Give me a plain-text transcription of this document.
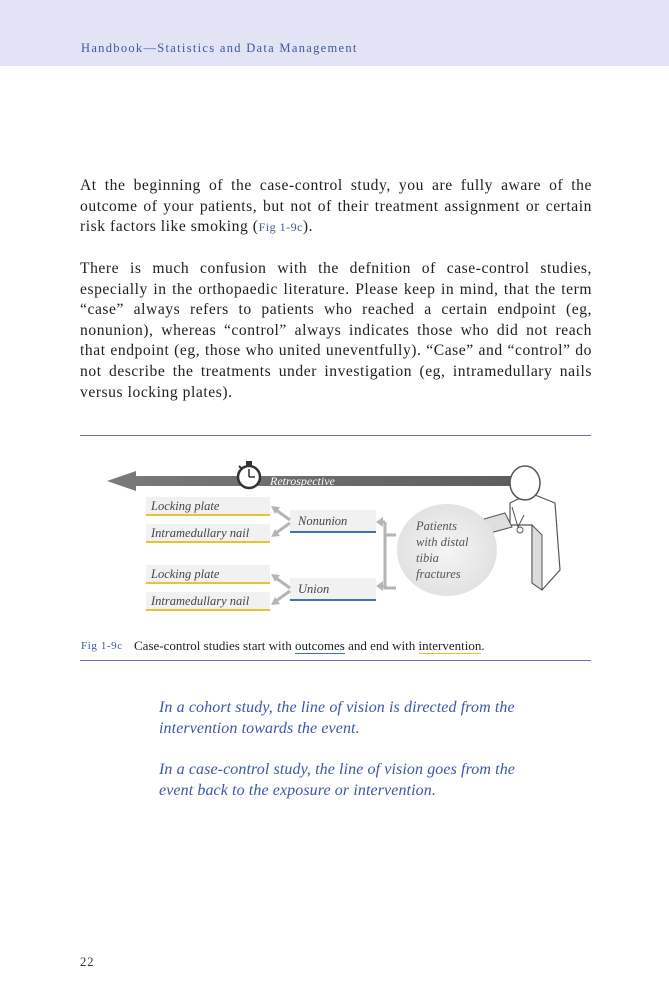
Handbook—Statistics and Data Management
At the beginning of the case-control study, you are fully aware of the outcome of your patients, but not of their treatment assignment or certain risk factors like smoking (Fig 1-9c).
There is much confusion with the defnition of case-control studies, especially in the orthopaedic literature. Please keep in mind, that the term “case” always refers to patients who reached a certain endpoint (eg, nonunion), whereas “control” always indicates those who did not reach that endpoint (eg, those who united uneventfully). “Case” and “control” do not describe the treatments under investigation (eg, intramedullary nails versus locking plates).
Retrospective
Patients
with distal
tibia
fractures
Nonunion
Union
Locking plate
Intramedullary nail
Locking plate
Intramedullary nail
Fig 1-9c Case-control studies start with outcomes and end with intervention.
In a cohort study, the line of vision is directed from the intervention towards the event.
In a case-control study, the line of vision goes from the event back to the exposure or intervention.
22
